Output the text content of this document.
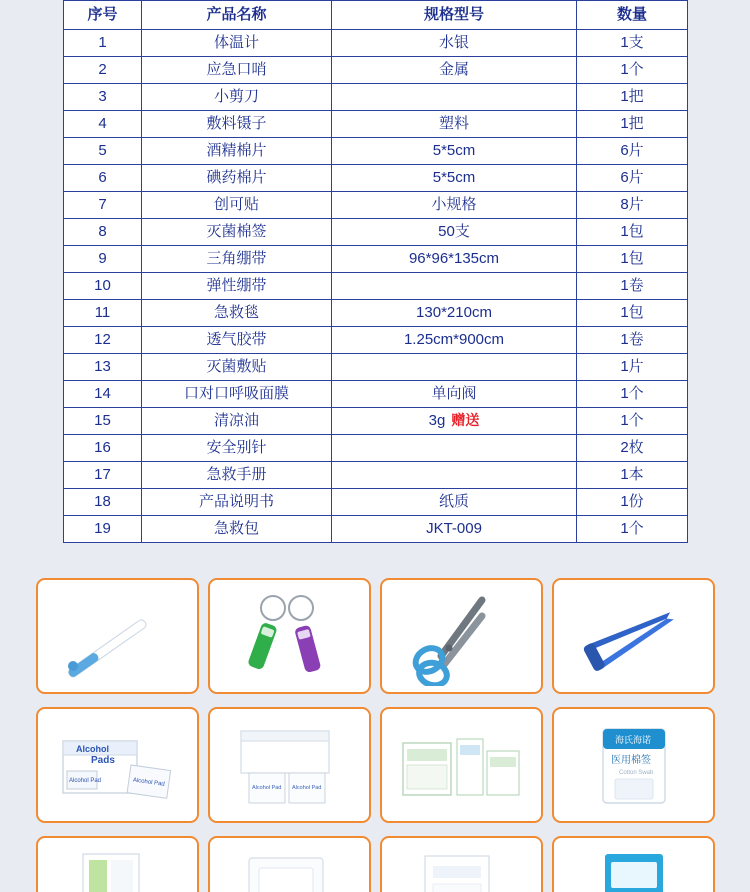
序号	产品名称	规格型号	数量
1	体温计	水银	1支
2	应急口哨	金属	1个
3	小剪刀		1把
4	敷料镊子	塑料	1把
5	酒精棉片	5*5cm	6片
6	碘药棉片	5*5cm	6片
7	创可贴	小规格	8片
8	灭菌棉签	50支	1包
9	三角绷带	96*96*135cm	1包
10	弹性绷带		1卷
11	急救毯	130*210cm	1包
12	透气胶带	1.25cm*900cm	1卷
13	灭菌敷贴		1片
14	口对口呼吸面膜	单向阀	1个
15	清凉油	3g 赠送	1个
16	安全别针		2枚
17	急救手册		1本
18	产品说明书	纸质	1份
19	急救包	JKT-009	1个
Alcohol
Pads
Alcohol Pad	Alcohol Pad
Alcohol Pad Alcohol Pad
海氏海诺
医用棉签
Cotton Swab
